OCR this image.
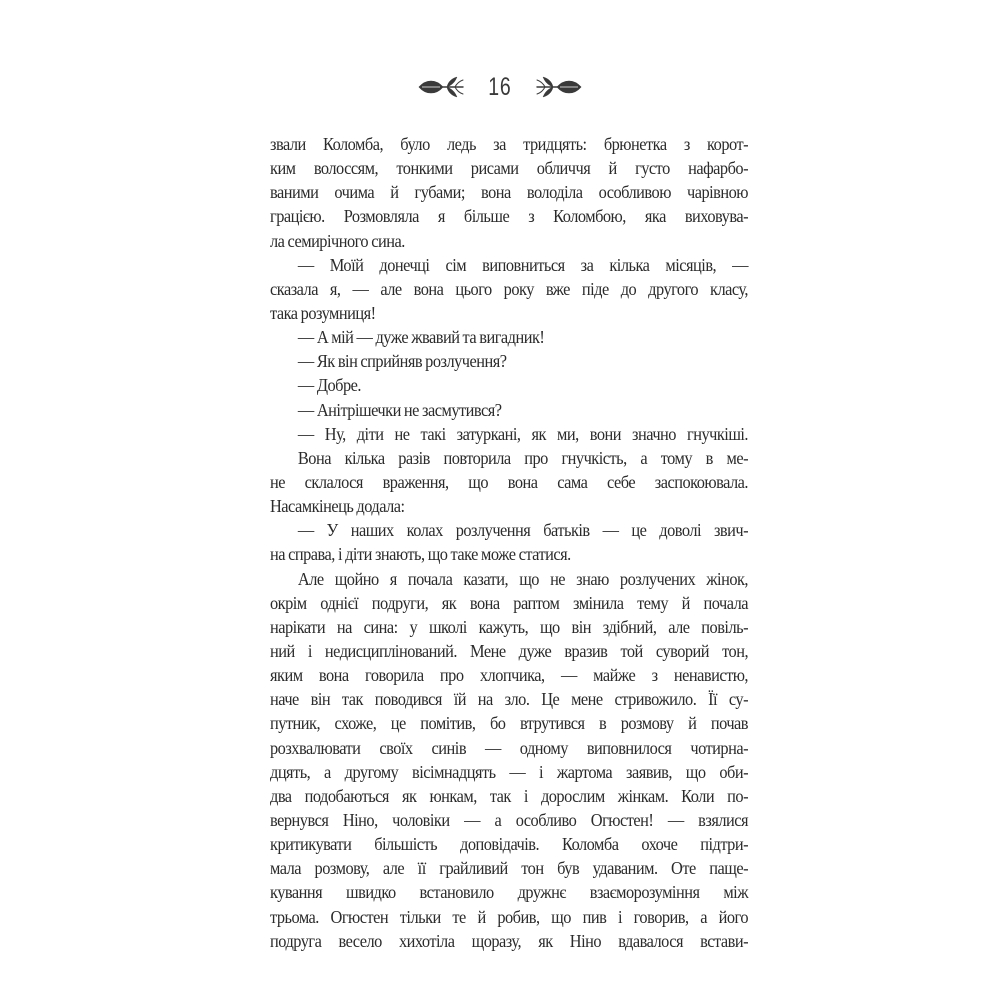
16
звали Коломба, було ледь за тридцять: брюнетка з корот-
ким волоссям, тонкими рисами обличчя й густо нафарбо-
ваними очима й губами; вона володіла особливою чарівною
грацією. Розмовляла я більше з Коломбою, яка виховува-
ла семирічного сина.
— Моїй донечці сім виповниться за кілька місяців, —
сказала я, — але вона цього року вже піде до другого класу,
така розумниця!
— А мій — дуже жвавий та вигадник!
— Як він сприйняв розлучення?
— Добре.
— Анітрішечки не засмутився?
— Ну, діти не такі затуркані, як ми, вони значно гнучкіші.
Вона кілька разів повторила про гнучкість, а тому в ме-
не склалося враження, що вона сама себе заспокоювала.
Насамкінець додала:
— У наших колах розлучення батьків — це доволі звич-
на справа, і діти знають, що таке може статися.
Але щойно я почала казати, що не знаю розлучених жінок,
окрім однієї подруги, як вона раптом змінила тему й почала
нарікати на сина: у школі кажуть, що він здібний, але повіль-
ний і недисциплінований. Мене дуже вразив той суворий тон,
яким вона говорила про хлопчика, — майже з ненавистю,
наче він так поводився їй на зло. Це мене стривожило. Її су-
путник, схоже, це помітив, бо втрутився в розмову й почав
розхвалювати своїх синів — одному виповнилося чотирна-
дцять, а другому вісімнадцять — і жартома заявив, що оби-
два подобаються як юнкам, так і дорослим жінкам. Коли по-
вернувся Ніно, чоловіки — а особливо Огюстен! — взялися
критикувати більшість доповідачів. Коломба охоче підтри-
мала розмову, але її грайливий тон був удаваним. Оте паще-
кування швидко встановило дружнє взаєморозуміння між
трьома. Огюстен тільки те й робив, що пив і говорив, а його
подруга весело хихотіла щоразу, як Ніно вдавалося встави-
